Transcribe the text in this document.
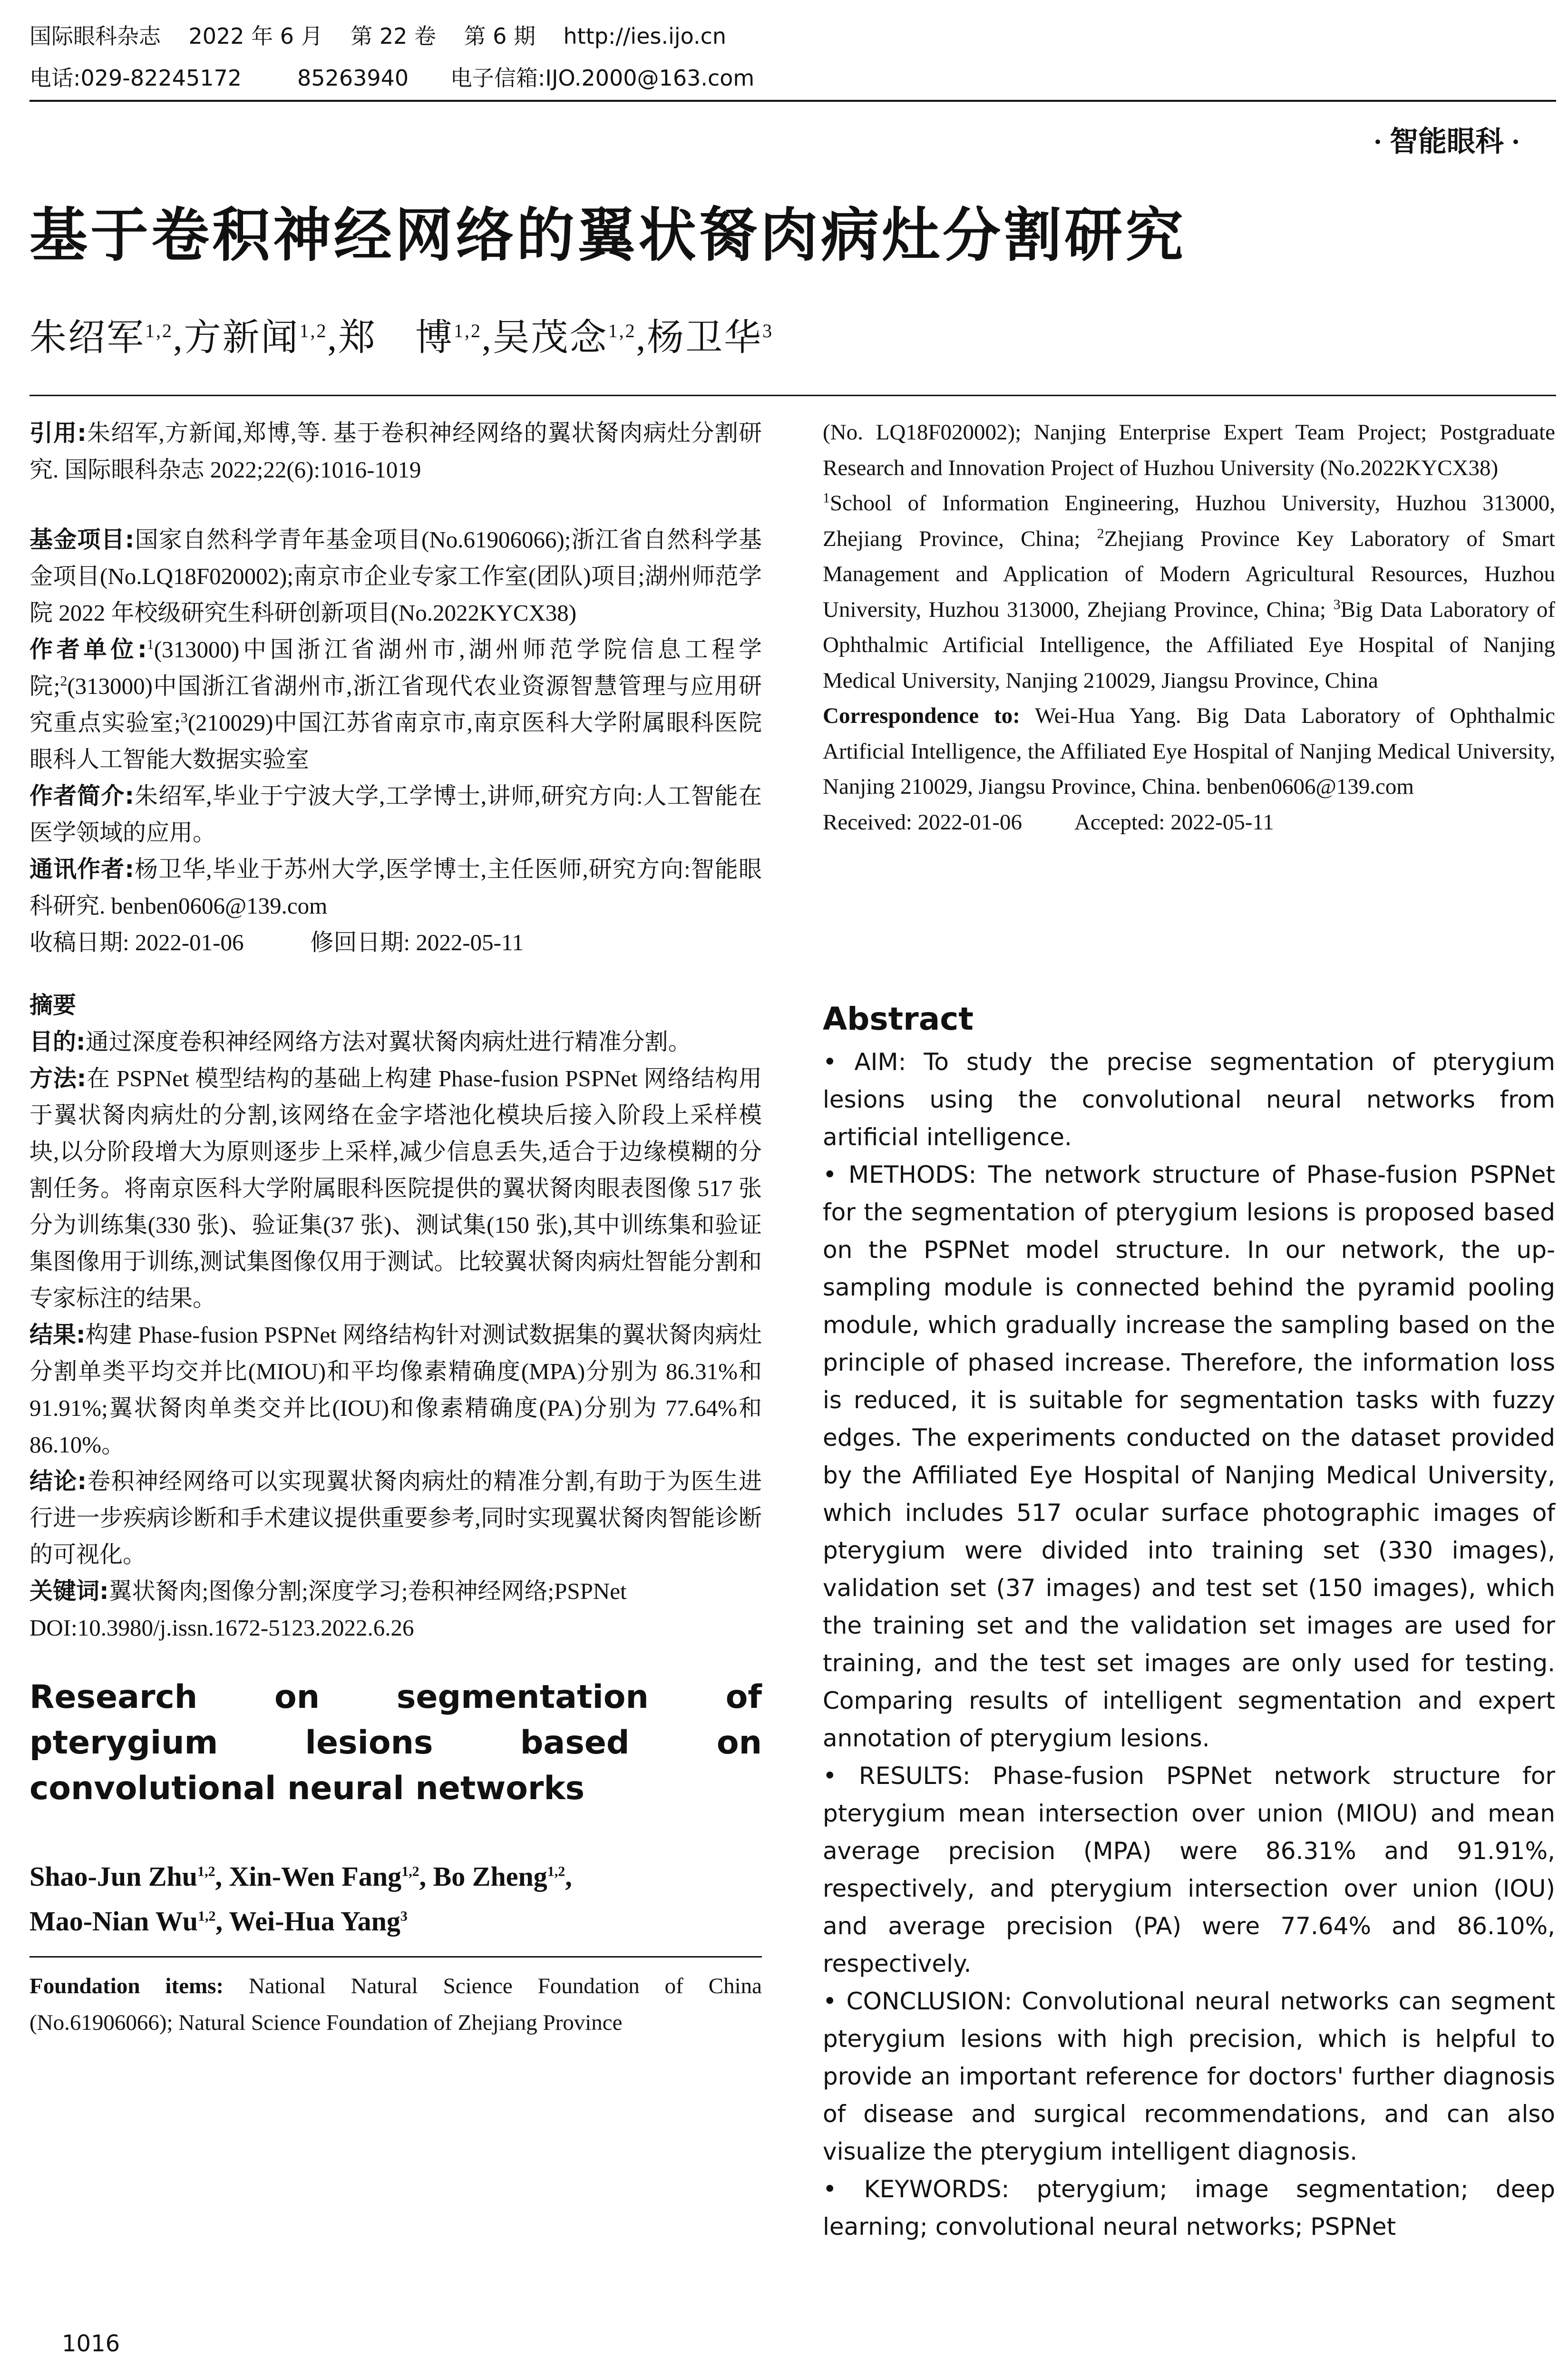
国际眼科杂志 2022 年 6 月 第 22 卷 第 6 期 http://ies.ijo.cn
电话:029-82245172	85263940 电子信箱:IJO.2000@163.com
· 智能眼科 ·
基于卷积神经网络的翼状胬肉病灶分割研究
朱绍军$^{1,2}$,方新闻$^{1,2}$,郑　博$^{1,2}$,吴茂念$^{1,2}$,杨卫华$^3$

引用:朱绍军,方新闻,郑博,等. 基于卷积神经网络的翼状胬肉病灶分割研究. 国际眼科杂志 2022;22(6):1016-1019

基金项目:国家自然科学青年基金项目(No.61906066);浙江省自然科学基金项目(No.LQ18F020002);南京市企业专家工作室(团队)项目;湖州师范学院 2022 年校级研究生科研创新项目(No.2022KYCX38)

作者单位:$^1$(313000)中国浙江省湖州市,湖州师范学院信息工程学院;$^2$(313000)中国浙江省湖州市,浙江省现代农业资源智慧管理与应用研究重点实验室;$^3$(210029)中国江苏省南京市,南京医科大学附属眼科医院眼科人工智能大数据实验室

作者简介:朱绍军,毕业于宁波大学,工学博士,讲师,研究方向:人工智能在医学领域的应用。

通讯作者:杨卫华,毕业于苏州大学,医学博士,主任医师,研究方向:智能眼科研究. benben0606@139.com

收稿日期: 2022-01-06	修回日期: 2022-05-11

摘要

目的:通过深度卷积神经网络方法对翼状胬肉病灶进行精准分割。

方法:在 PSPNet 模型结构的基础上构建 Phase-fusion PSPNet 网络结构用于翼状胬肉病灶的分割,该网络在金字塔池化模块后接入阶段上采样模块,以分阶段增大为原则逐步上采样,减少信息丢失,适合于边缘模糊的分割任务。将南京医科大学附属眼科医院提供的翼状胬肉眼表图像 517 张分为训练集(330 张)、验证集(37 张)、测试集(150 张),其中训练集和验证集图像用于训练,测试集图像仅用于测试。比较翼状胬肉病灶智能分割和专家标注的结果。

结果:构建 Phase-fusion PSPNet 网络结构针对测试数据集的翼状胬肉病灶分割单类平均交并比(MIOU)和平均像素精确度(MPA)分别为 86.31%和 91.91%;翼状胬肉单类交并比(IOU)和像素精确度(PA)分别为 77.64%和 86.10%。

结论:卷积神经网络可以实现翼状胬肉病灶的精准分割,有助于为医生进行进一步疾病诊断和手术建议提供重要参考,同时实现翼状胬肉智能诊断的可视化。

关键词:翼状胬肉;图像分割;深度学习;卷积神经网络;PSPNet

DOI:10.3980/j.issn.1672-5123.2022.6.26

Research on segmentation of pterygium lesions based on convolutional neural networks

Shao-Jun Zhu$^{1,2}$, Xin-Wen Fang$^{1,2}$, Bo Zheng$^{1,2}$,
Mao-Nian Wu$^{1,2}$, Wei-Hua Yang$^3$

Foundation items: National Natural Science Foundation of China (No.61906066); Natural Science Foundation of Zhejiang Province

(No. LQ18F020002); Nanjing Enterprise Expert Team Project; Postgraduate Research and Innovation Project of Huzhou University (No.2022KYCX38)

$^1$School of Information Engineering, Huzhou University, Huzhou 313000, Zhejiang Province, China; $^2$Zhejiang Province Key Laboratory of Smart Management and Application of Modern Agricultural Resources, Huzhou University, Huzhou 313000, Zhejiang Province, China; $^3$Big Data Laboratory of Ophthalmic Artificial Intelligence, the Affiliated Eye Hospital of Nanjing Medical University, Nanjing 210029, Jiangsu Province, China

Correspondence to: Wei-Hua Yang. Big Data Laboratory of Ophthalmic Artificial Intelligence, the Affiliated Eye Hospital of Nanjing Medical University, Nanjing 210029, Jiangsu Province, China. benben0606@139.com

Received: 2022-01-06 Accepted: 2022-05-11

Abstract

• AIM: To study the precise segmentation of pterygium lesions using the convolutional neural networks from artificial intelligence.

• METHODS: The network structure of Phase-fusion PSPNet for the segmentation of pterygium lesions is proposed based on the PSPNet model structure. In our network, the up-sampling module is connected behind the pyramid pooling module, which gradually increase the sampling based on the principle of phased increase. Therefore, the information loss is reduced, it is suitable for segmentation tasks with fuzzy edges. The experiments conducted on the dataset provided by the Affiliated Eye Hospital of Nanjing Medical University, which includes 517 ocular surface photographic images of pterygium were divided into training set (330 images), validation set (37 images) and test set (150 images), which the training set and the validation set images are used for training, and the test set images are only used for testing. Comparing results of intelligent segmentation and expert annotation of pterygium lesions.

• RESULTS: Phase-fusion PSPNet network structure for pterygium mean intersection over union (MIOU) and mean average precision (MPA) were 86.31% and 91.91%, respectively, and pterygium intersection over union (IOU) and average precision (PA) were 77.64% and 86.10%, respectively.

• CONCLUSION: Convolutional neural networks can segment pterygium lesions with high precision, which is helpful to provide an important reference for doctors' further diagnosis of disease and surgical recommendations, and can also visualize the pterygium intelligent diagnosis.

• KEYWORDS: pterygium; image segmentation; deep learning; convolutional neural networks; PSPNet

1016
